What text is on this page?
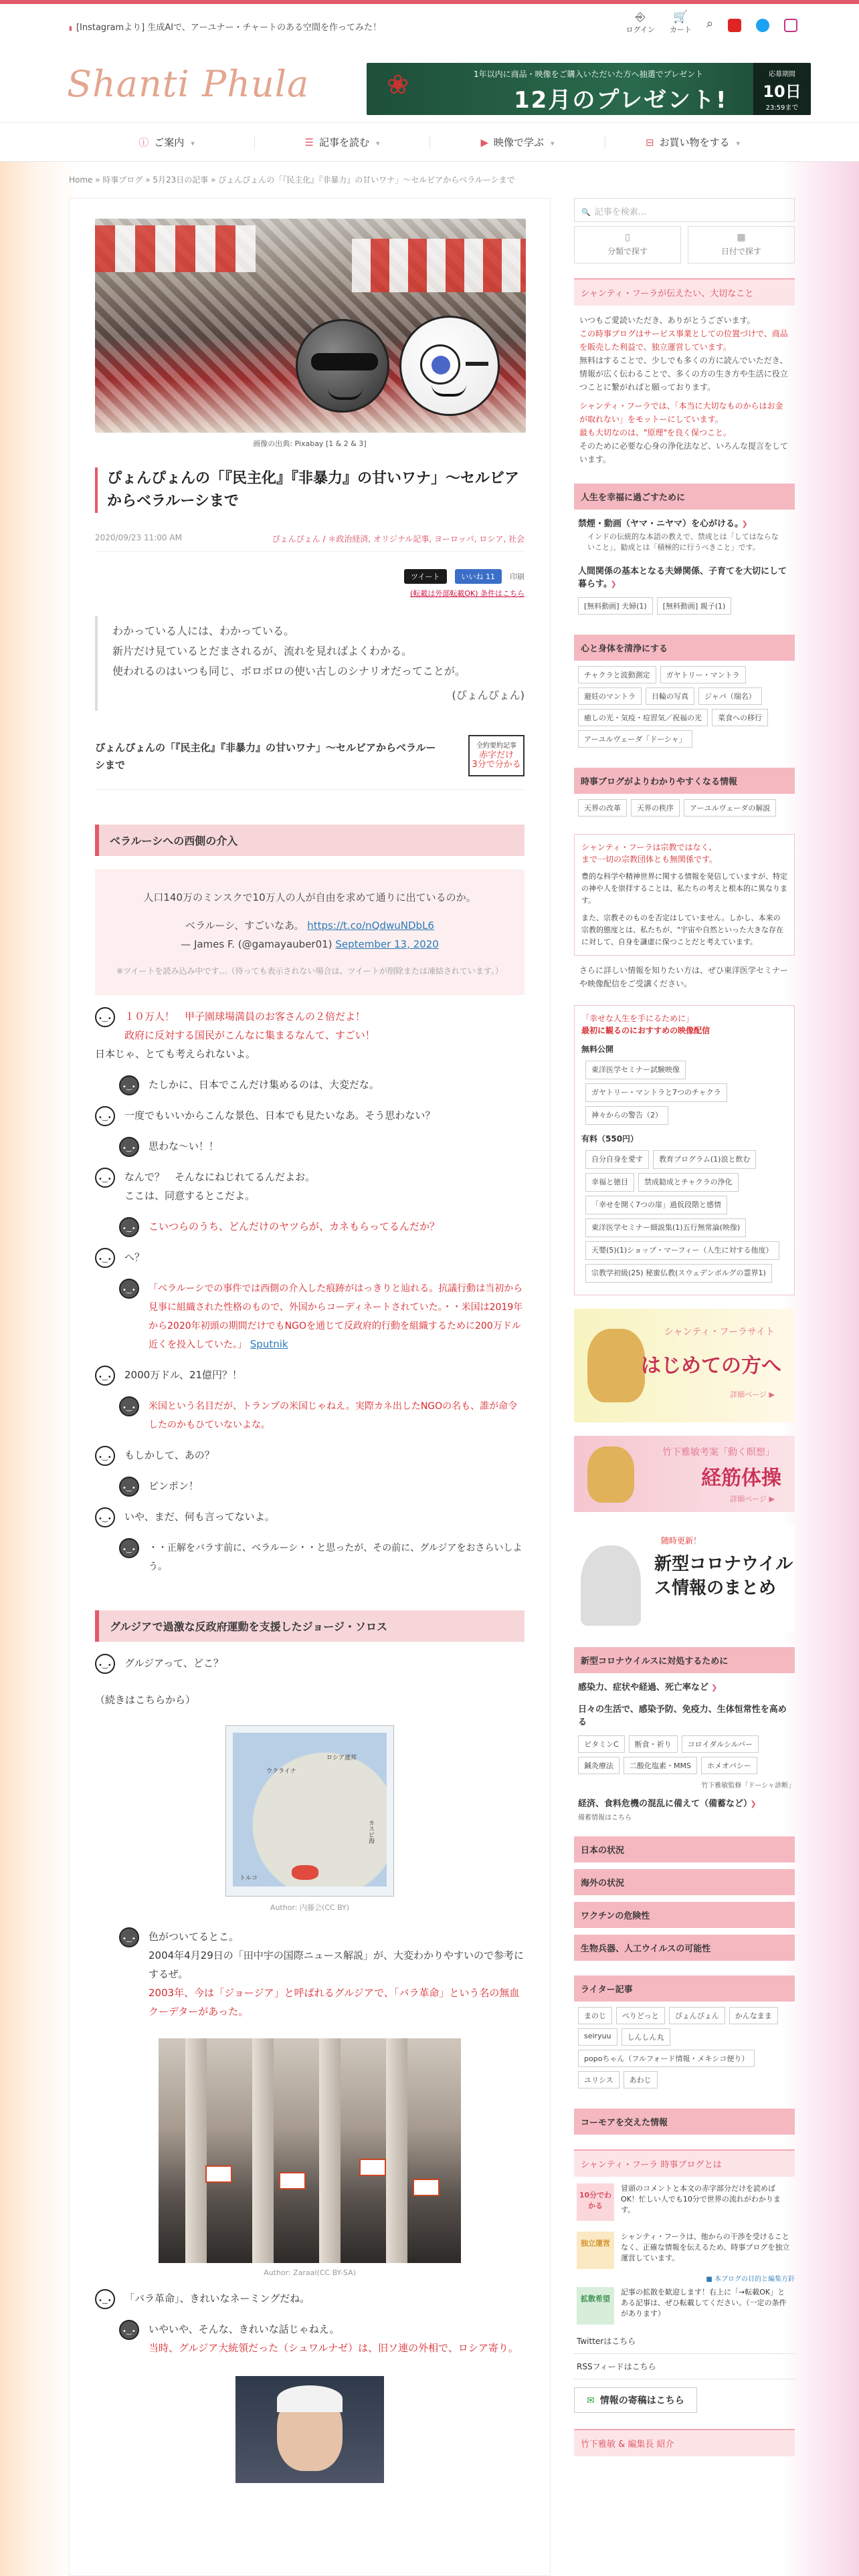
▮ [Instagramより] 生成AIで、アーユナー・チャートのある空間を作ってみた！
⎆
ログイン
🛒
カート ⌕
Shanti Phula	❀	1年以内に商品・映像をご購入いただいた方へ抽選でプレゼント
12月のプレゼント!
応募期間
10日
23:59まで
ⓘ ご案内 ▾	☰ 記事を読む ▾	▶ 映像で学ぶ ▾	⊟ お買い物をする ▾
Home » 時事ブログ » 5月23日の記事 » ぴょんぴょんの「『民主化』『非暴力』の甘いワナ」〜セルビアからベラルーシまで
画像の出典: Pixabay [1 & 2 & 3]
ぴょんぴょんの「『民主化』『非暴力』の甘いワナ」〜セルビアからベラルーシまで
2020/09/23 11:00 AM	ぴょんぴょん / ＊政治経済, オリジナル記事, ヨーロッパ, ロシア, 社会
ツイート	いいね 11	印刷
(転載は外部転載OK) 条件はこちら
わかっている人には、わかっている。
新片だけ見ているとだまされるが、流れを見ればよくわかる。
使われるのはいつも同じ、ボロボロの使い古しのシナリオだってことが。
(ぴょんぴょん)
ぴょんぴょんの「『民主化』『非暴力』の甘いワナ」〜セルビアからベラルーシまで
全約要約記事
赤字だけ
3分で分かる
ベラルーシへの西側の介入
人口140万のミンスクで10万人の人が自由を求めて通りに出ているのか。
ベラルーシ、すごいなあ。 https://t.co/nQdwuNDbL6
— James F. (@gamayauber01) September 13, 2020
※ツイートを読み込み中です…（待っても表示されない場合は、ツイートが削除または凍結されています。）
•‿•
１０万人！　甲子園球場満員のお客さんの２倍だよ！
政府に反対する国民がこんなに集まるなんて、すごい！

日本じゃ、とても考えられないよ。
•‿•
たしかに、日本でこんだけ集めるのは、大変だな。
•‿•
一度でもいいからこんな景色、日本でも見たいなあ。そう思わない？
•‿•
思わな〜い！！
•‿•
なんで？　そんなにねじれてるんだよお。
ここは、同意するとこだよ。
•‿•
こいつらのうち、どんだけのヤツらが、カネもらってるんだか？
•‿•
へ？
•‿•
「ベラルーシでの事件では西側の介入した痕跡がはっきりと辿れる。抗議行動は当初から見事に組織された性格のもので、外国からコーディネートされていた。・・米国は2019年から2020年初頭の期間だけでもNGOを通じて反政府的行動を組織するために200万ドル近くを投入していた。」 Sputnik
•‿•
2000万ドル、21億円？！
•‿•
米国という名目だが、トランプの米国じゃねえ。実際カネ出したNGOの名も、誰が命令したのかもひていないよな。
•‿•
もしかして、あの？
•‿•
ピンポン！
•‿•
いや、まだ、何も言ってないよ。
•‿•
・・正解をバラす前に、ベラルーシ・・と思ったが、その前に、グルジアをおさらいしよう。
グルジアで過激な反政府運動を支援したジョージ・ソロス
•‿•
グルジアって、どこ？
（続きはこちらから）
ウクライナ
ロシア連邦
カスピ海
トルコ
Author: 内藤会(CC BY)
•‿•
色がついてるとこ。
2004年4月29日の「田中宇の国際ニュース解説」が、大変わかりやすいので参考にするぜ。
2003年、今は「ジョージア」と呼ばれるグルジアで、「バラ革命」という名の無血クーデターがあった。
Author: Zaraal(CC BY-SA)
•‿•
「バラ革命」、きれいなネーミングだね。
•‿•
いやいや、そんな、きれいな話じゃねえ。
当時、グルジア大統領だった（シュワルナゼ）は、旧ソ連の外相で、ロシア寄り。
🔍 記事を検索...
▯
分類で探す
▦
日付で探す
シャンティ・フーラが伝えたい、大切なこと
いつもご愛読いただき、ありがとうございます。
この時事ブログはサービス事業としての位置づけで、商品を販売した利益で、独立運営しています。
無料はすることで、少しでも多くの方に読んでいただき、情報が広く伝わることで、多くの方の生き方や生活に役立つことに繋がればと願っております。
シャンティ・フーラでは、「本当に大切なものからはお金が取れない」をモットーにしています。
最も大切なのは、"原理"を良く保つこと。
そのために必要な心身の浄化法など、いろんな提言をしています。
人生を幸福に過ごすために
禁煙・動画（ヤマ・ニヤマ）を心がける。 ❯
インドの伝統的な本語の教えで、禁成とは「してはならないこと」、勧成とは「積極的に行うべきこと」です。
人間関係の基本となる夫婦関係、子育てを大切にして暮らす。 ❯
[無料動画] 夫婦(1)	[無料動画] 親子(1)
心と身体を清浄にする
チャクラと波動測定	ガヤトリー・マントラ
避妊のマントラ	日輪の写真	ジャパ（瑞名）
癒しの光・気疫・痘習気／祝福の光	菜食への移行
アーユルヴェーダ「ドーシャ」
時事ブログがよりわかりやすくなる情報
天界の改革	天界の秩序	アーユルヴェーダの解説
シャンティ・フーラは宗教ではなく、
まで一切の宗教団体とも無関係です。
豊的な科学や精神世界に関する情報を発信していますが、特定の神や人を崇拝することは、私たちの考えと根本的に異なります。
また、宗教そのものを否定はしていません。しかし、本来の宗教的態度とは、私たちが、"宇宙や自然といった大きな存在に対して、自身を謙虚に保つことだと考えています。
さらに詳しい情報を知りたい方は、ぜひ東洋医学セミナーや映像配信をご受講ください。
「幸せな人生を手にるために」
最初に観るのにおすすめの映像配信
無料公開
東洋医学セミナー試験映像
ガヤトリー・マントラと7つのチャクラ
神々からの警告（2）
有料（550円）
自分自身を愛す	教育プログラム(1)浪と飲む
幸福と徳目	禁成勧成とチャクラの浄化
「幸せを開く7つの扉」過仮段階と感情
東洋医学セミナー細説集(1)五行無常論(映像)
天嬰(5)(1)ショップ・マーフィー（人生に対する他度）
宗教学初級(25) 秘蜜仏教(スウェデンボルグの霊界1)
シャンティ・フーラサイト
はじめての方へ
詳細ページ ▶
竹下雅敏考案「動く瞑想」
経筋体操
詳細ページ ▶
随時更新！
新型コロナウイルス情報のまとめ
新型コロナウイルスに対処するために
感染力、症状や経過、死亡率など ❯
日々の生活で、感染予防、免疫力、生体恒常性を高める
ビタミンC	断食・祈り	コロイダルシルバー
鍼灸療法	二酸化塩素・MMS	ホメオパシー
竹下雅敏監修「ドーシャ診断」
経済、食料危機の混乱に備えて（備蓄など） ❯
備蓄情報はこちら
日本の状況
海外の状況
ワクチンの危険性
生物兵器、人工ウイルスの可能性
ライター記事
まのじ	ぺりどっと	ぴょんぴょん	かんなまま
seiryuu	しんしん丸
popoちゃん（フルフォード情報・メキシコ便り）
ユリシス	あわじ
コーモアを交えた情報
シャンティ・フーラ 時事ブログとは
10分でわかる
冒頭のコメントと本文の赤字部分だけを読めばOK！忙しい人でも10分で世界の流れがわかります。
独立運営
シャンティ・フーラは、他からの干渉を受けることなく、正確な情報を伝えるため、時事ブログを独立運営しています。
■ 本ブログの目的と編集方針
拡散希望
記事の拡散を歓迎します！右上に「→転載OK」とある記事は、ぜひ転載してください。（一定の条件があります）
Twitterはこちら
RSSフィードはこちら
✉ 情報の寄稿はこちら
竹下雅敏 & 編集長 紹介
